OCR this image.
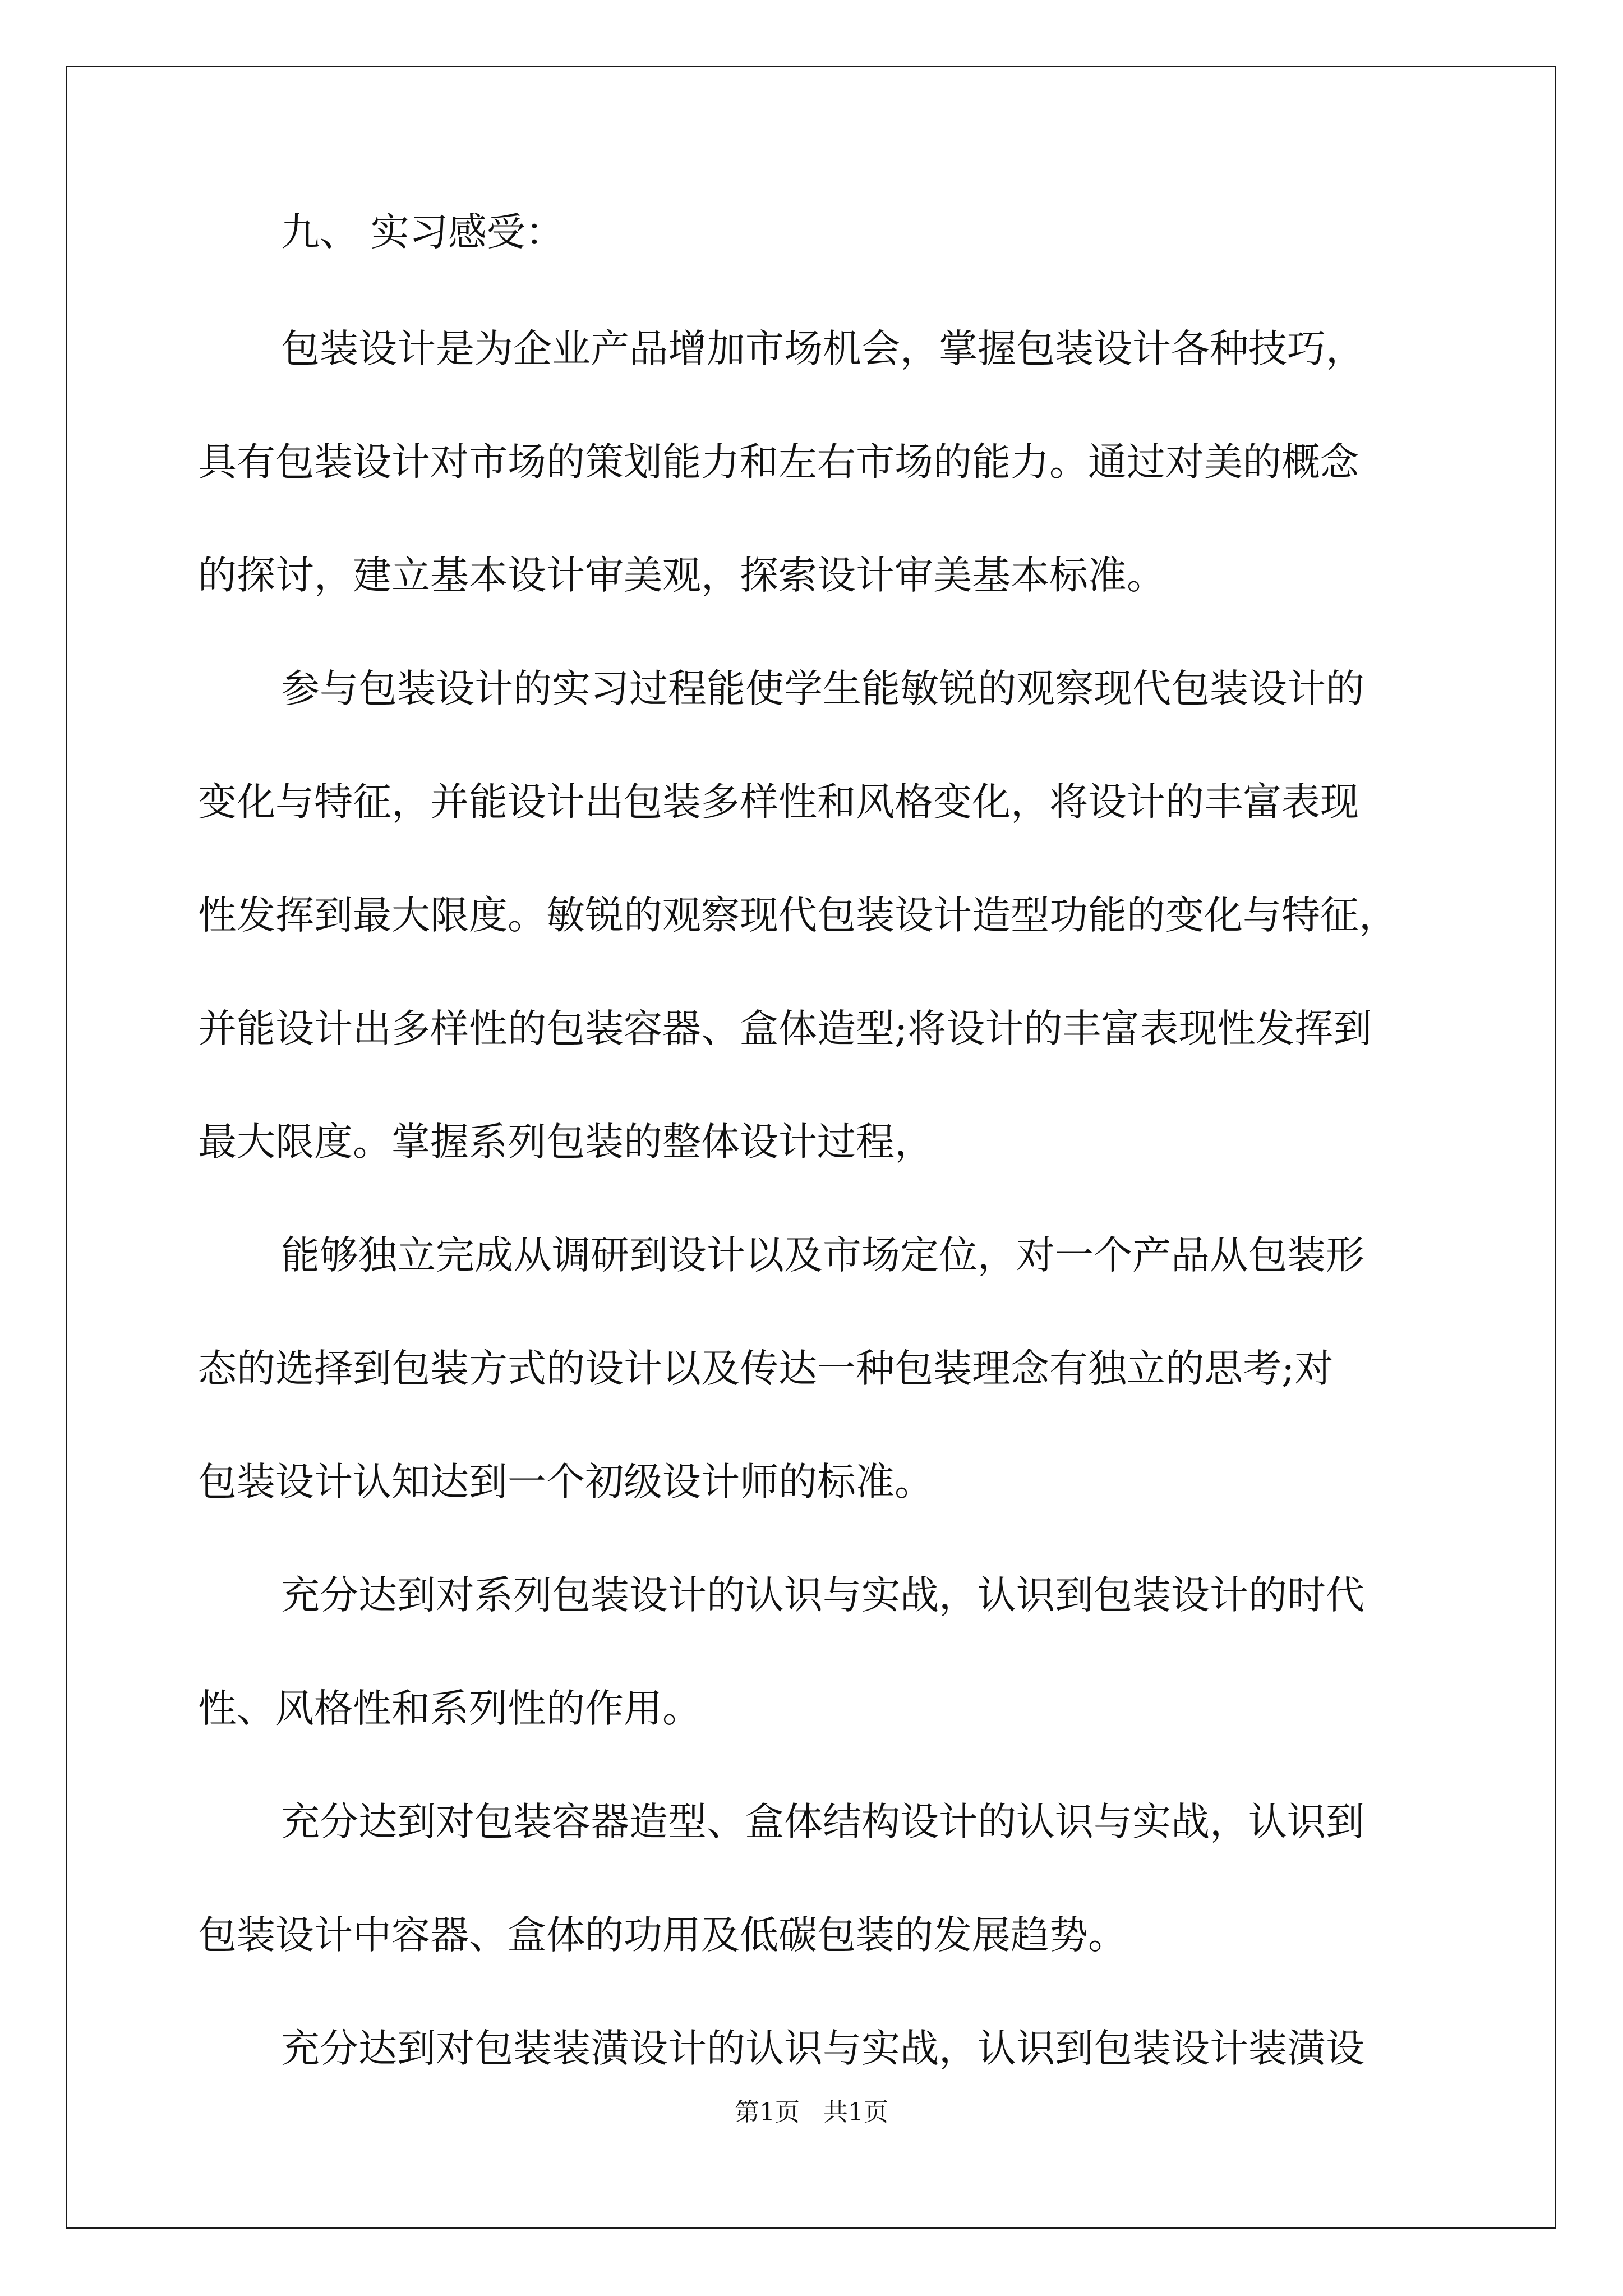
九、 实习感受：
包装设计是为企业产品增加市场机会，掌握包装设计各种技巧，
具有包装设计对市场的策划能力和左右市场的能力。通过对美的概念
的探讨，建立基本设计审美观，探索设计审美基本标准。
参与包装设计的实习过程能使学生能敏锐的观察现代包装设计的
变化与特征，并能设计出包装多样性和风格变化，将设计的丰富表现
性发挥到最大限度。敏锐的观察现代包装设计造型功能的变化与特征，
并能设计出多样性的包装容器、盒体造型;将设计的丰富表现性发挥到
最大限度。掌握系列包装的整体设计过程，
能够独立完成从调研到设计以及市场定位，对一个产品从包装形
态的选择到包装方式的设计以及传达一种包装理念有独立的思考;对
包装设计认知达到一个初级设计师的标准。
充分达到对系列包装设计的认识与实战，认识到包装设计的时代
性、风格性和系列性的作用。
充分达到对包装容器造型、盒体结构设计的认识与实战，认识到
包装设计中容器、盒体的功用及低碳包装的发展趋势。
充分达到对包装装潢设计的认识与实战，认识到包装设计装潢设
第1页 共1页
